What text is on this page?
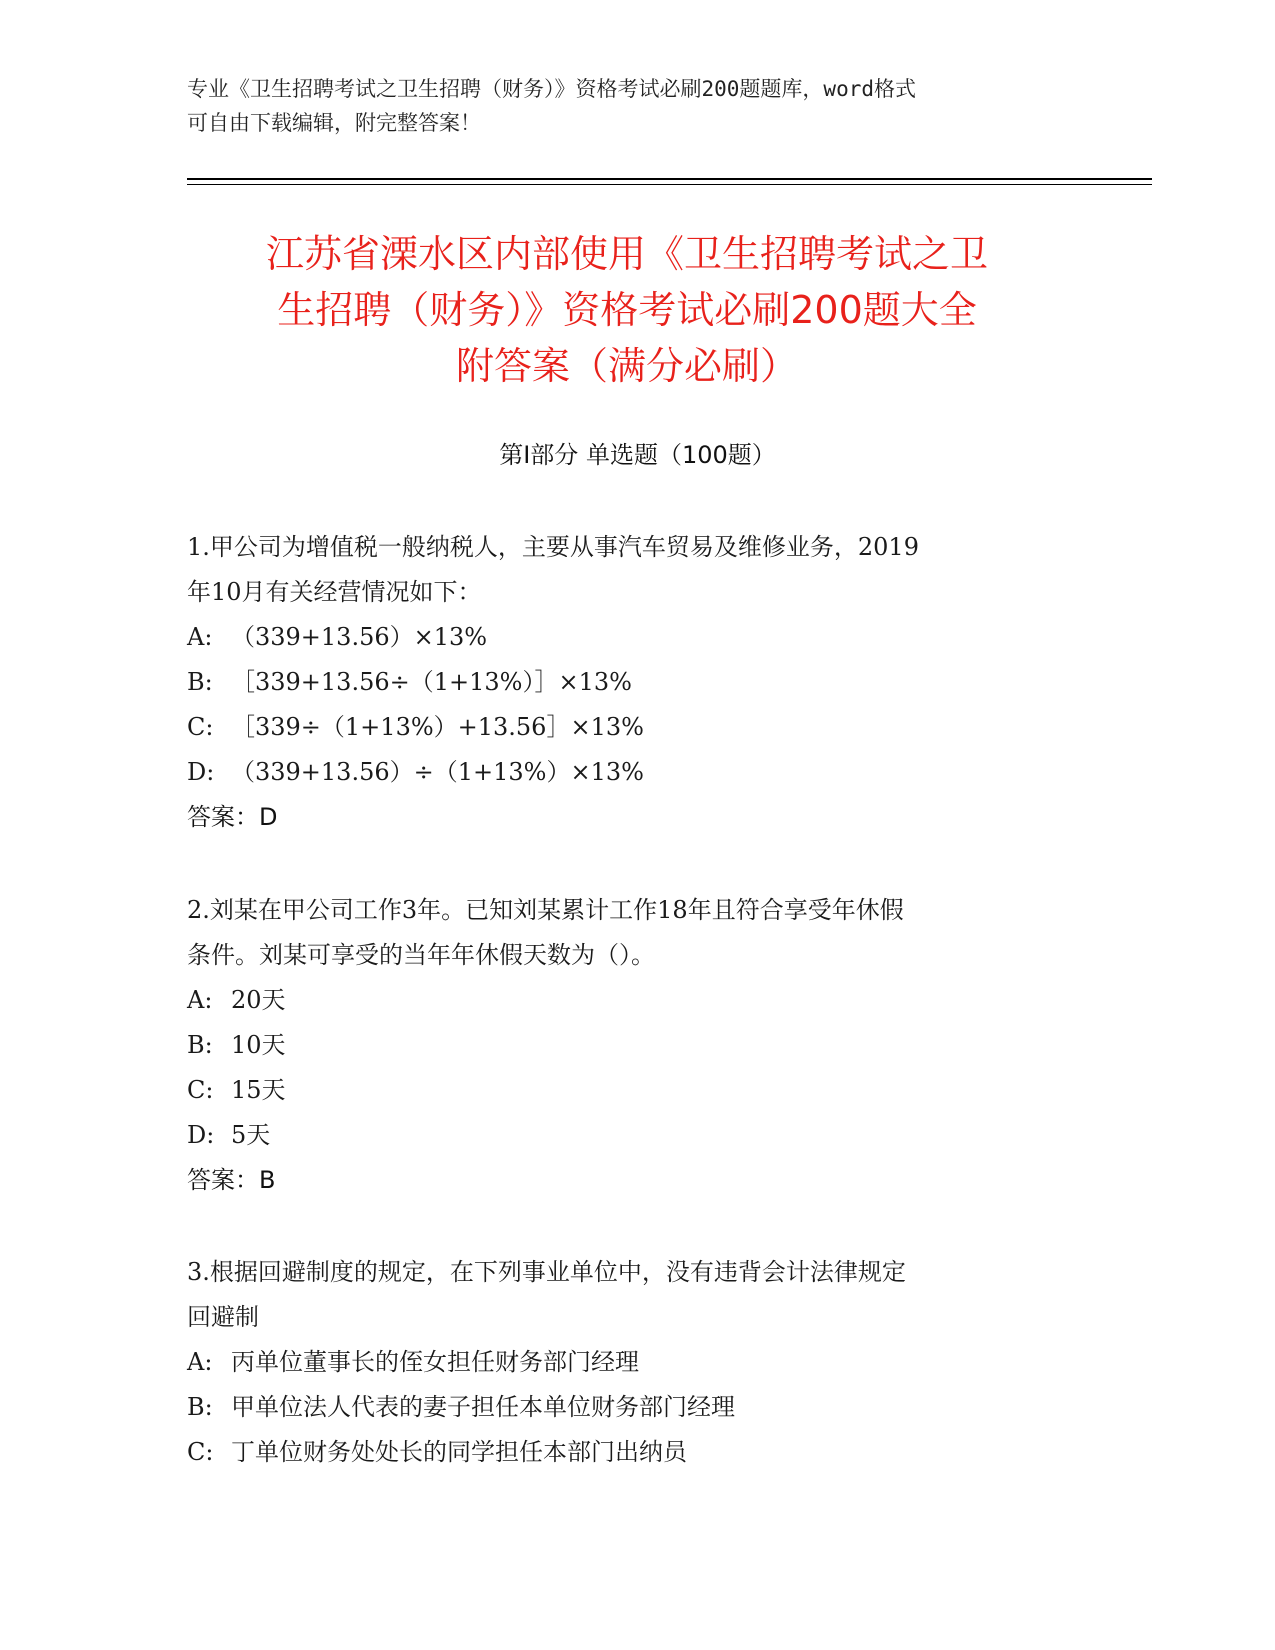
专业《卫生招聘考试之卫生招聘（财务）》资格考试必刷200题题库，word格式
可自由下载编辑，附完整答案！
江苏省溧水区内部使用《卫生招聘考试之卫
生招聘（财务）》资格考试必刷200题大全
附答案（满分必刷）
第Ⅰ部分 单选题（100题）
1.甲公司为增值税一般纳税人，主要从事汽车贸易及维修业务，2019
年10月有关经营情况如下：
A: （339+13.56）×13%
B: ［339+13.56÷（1+13%）］×13%
C: ［339÷（1+13%）+13.56］×13%
D: （339+13.56）÷（1+13%）×13%
答案：D
2.刘某在甲公司工作3年。已知刘某累计工作18年且符合享受年休假
条件。刘某可享受的当年年休假天数为（）。
A: 20天
B: 10天
C: 15天
D: 5天
答案：B
3.根据回避制度的规定，在下列事业单位中，没有违背会计法律规定
回避制
A: 丙单位董事长的侄女担任财务部门经理
B: 甲单位法人代表的妻子担任本单位财务部门经理
C: 丁单位财务处处长的同学担任本部门出纳员
